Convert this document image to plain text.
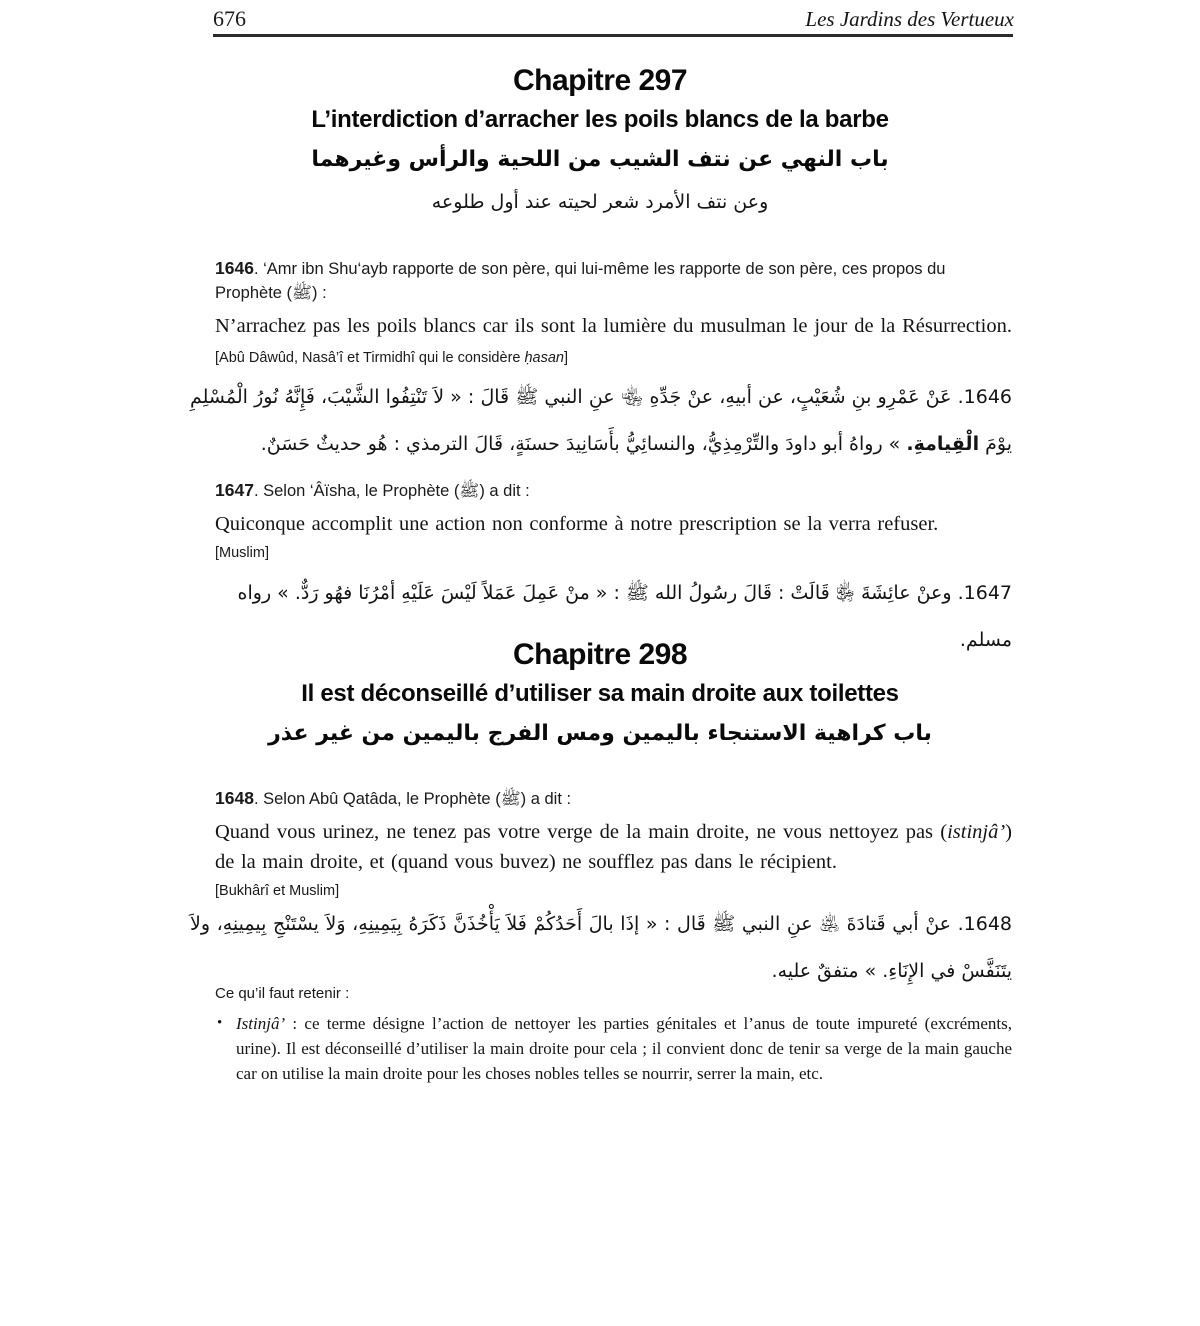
676	Les Jardins des Vertueux
Chapitre 297
L’interdiction d’arracher les poils blancs de la barbe
باب النهي عن نتف الشيب من اللحية والرأس وغيرهما
وعن نتف الأمرد شعر لحيته عند أول طلوعه
1646. ‘Amr ibn Shu‘ayb rapporte de son père, qui lui-même les rapporte de son père, ces propos du Prophète (ﷺ) :
N’arrachez pas les poils blancs car ils sont la lumière du musulman le jour de la Résurrection. [Abû Dâwûd, Nasâ’î et Tirmidhî qui le considère ḥasan]
1646. عَنْ عَمْرِو بنِ شُعَيْبٍ، عن أبيهِ، عنْ جَدِّهِ ﵄ عنِ النبي ﷺ قَالَ : « لاَ تَنْتِفُوا الشَّيْبَ، فَإِنَّهُ نُورُ الْمُسْلِمِ يوْمَ الْقِيامةِ. » رواهُ أبو داودَ والتِّرْمِذِيُّ، والنسائِيُّ بأَسَانِيدَ حسنَةٍ، قَالَ الترمذي : هُو حديثٌ حَسَنٌ.
1647. Selon ‘Âïsha, le Prophète (ﷺ) a dit :
Quiconque accomplit une action non conforme à notre prescription se la verra refuser.
[Muslim]
1647. وعنْ عائِشَةَ ﵂ قَالَتْ : قَالَ رسُولُ الله ﷺ : « منْ عَمِلَ عَمَلاً لَيْسَ عَلَيْهِ أمْرُنَا فهُو رَدٌّ. » رواه مسلم.
Chapitre 298
Il est déconseillé d’utiliser sa main droite aux toilettes
باب كراهية الاستنجاء باليمين ومس الفرج باليمين من غير عذر
1648. Selon Abû Qatâda, le Prophète (ﷺ) a dit :
Quand vous urinez, ne tenez pas votre verge de la main droite, ne vous nettoyez pas (istinjâ’) de la main droite, et (quand vous buvez) ne soufflez pas dans le récipient.
[Bukhârî et Muslim]
1648. عنْ أبي قَتادَةَ ﵁ عنِ النبي ﷺ قَال : « إذَا بالَ أَحَدُكُمْ فَلاَ يَأْخُذَنَّ ذَكَرَهُ بِيَمِينِهِ، وَلاَ يسْتَنْجِ بِيمِينِهِ، ولاَ يتَنَفَّسْ في الإِنَاءِ. » متفقٌ عليه.
Ce qu’il faut retenir :
• Istinjâ’ : ce terme désigne l’action de nettoyer les parties génitales et l’anus de toute impureté (excréments, urine). Il est déconseillé d’utiliser la main droite pour cela ; il convient donc de tenir sa verge de la main gauche car on utilise la main droite pour les choses nobles telles se nourrir, serrer la main, etc.
